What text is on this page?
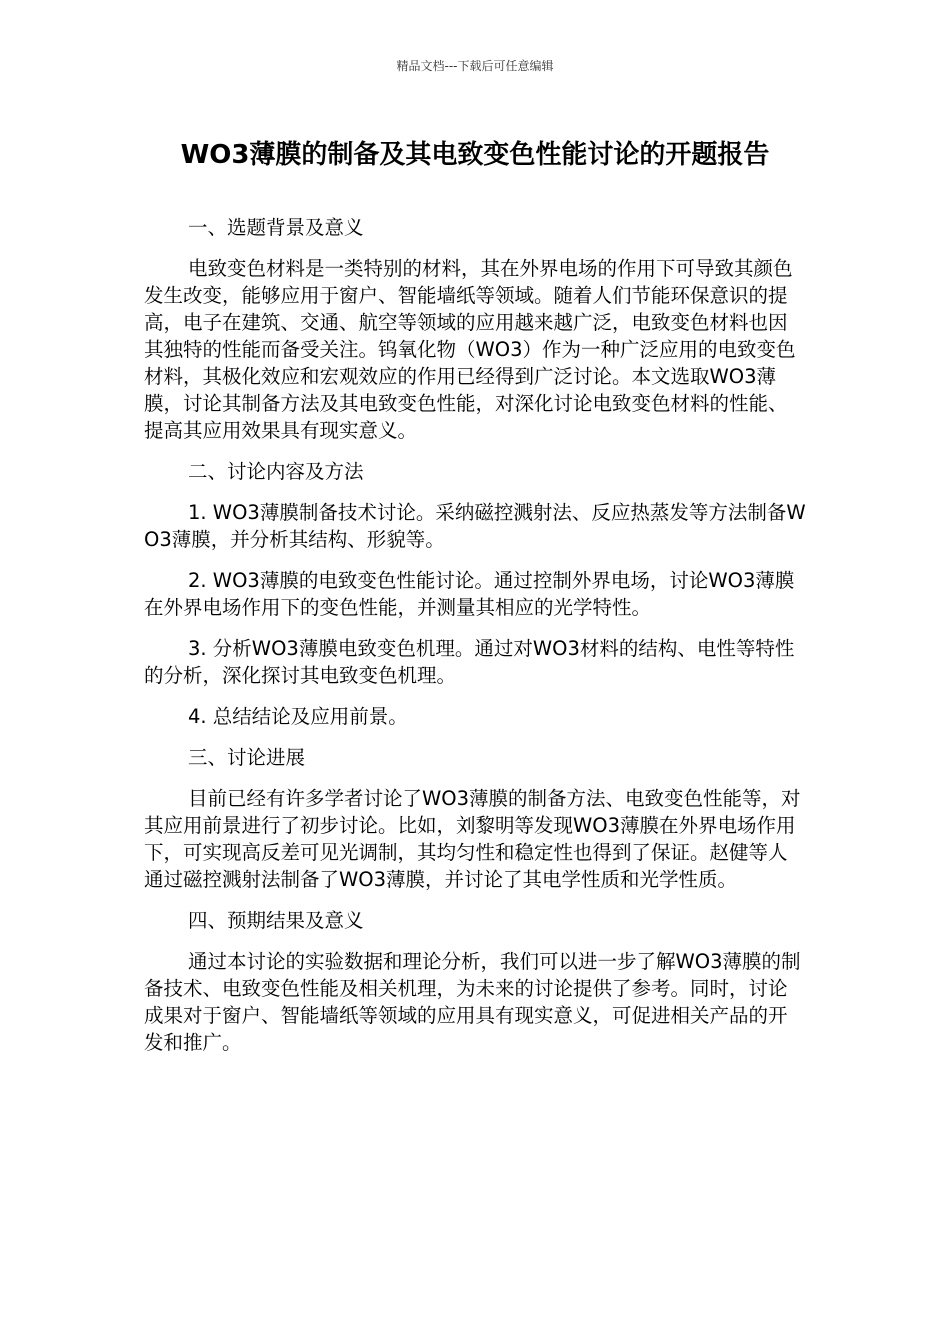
精品文档---下载后可任意编辑
WO3薄膜的制备及其电致变色性能讨论的开题报告

一、选题背景及意义

电致变色材料是一类特别的材料，其在外界电场的作用下可导致其颜色发生改变，能够应用于窗户、智能墙纸等领域。随着人们节能环保意识的提高，电子在建筑、交通、航空等领域的应用越来越广泛，电致变色材料也因其独特的性能而备受关注。钨氧化物（WO3）作为一种广泛应用的电致变色材料，其极化效应和宏观效应的作用已经得到广泛讨论。本文选取WO3薄膜，讨论其制备方法及其电致变色性能，对深化讨论电致变色材料的性能、提高其应用效果具有现实意义。

二、讨论内容及方法

1. WO3薄膜制备技术讨论。采纳磁控溅射法、反应热蒸发等方法制备WO3薄膜，并分析其结构、形貌等。

2. WO3薄膜的电致变色性能讨论。通过控制外界电场，讨论WO3薄膜在外界电场作用下的变色性能，并测量其相应的光学特性。

3. 分析WO3薄膜电致变色机理。通过对WO3材料的结构、电性等特性的分析，深化探讨其电致变色机理。

4. 总结结论及应用前景。

三、讨论进展

目前已经有许多学者讨论了WO3薄膜的制备方法、电致变色性能等，对其应用前景进行了初步讨论。比如，刘黎明等发现WO3薄膜在外界电场作用下，可实现高反差可见光调制，其均匀性和稳定性也得到了保证。赵健等人通过磁控溅射法制备了WO3薄膜，并讨论了其电学性质和光学性质。

四、预期结果及意义

通过本讨论的实验数据和理论分析，我们可以进一步了解WO3薄膜的制备技术、电致变色性能及相关机理，为未来的讨论提供了参考。同时，讨论成果对于窗户、智能墙纸等领域的应用具有现实意义，可促进相关产品的开发和推广。
